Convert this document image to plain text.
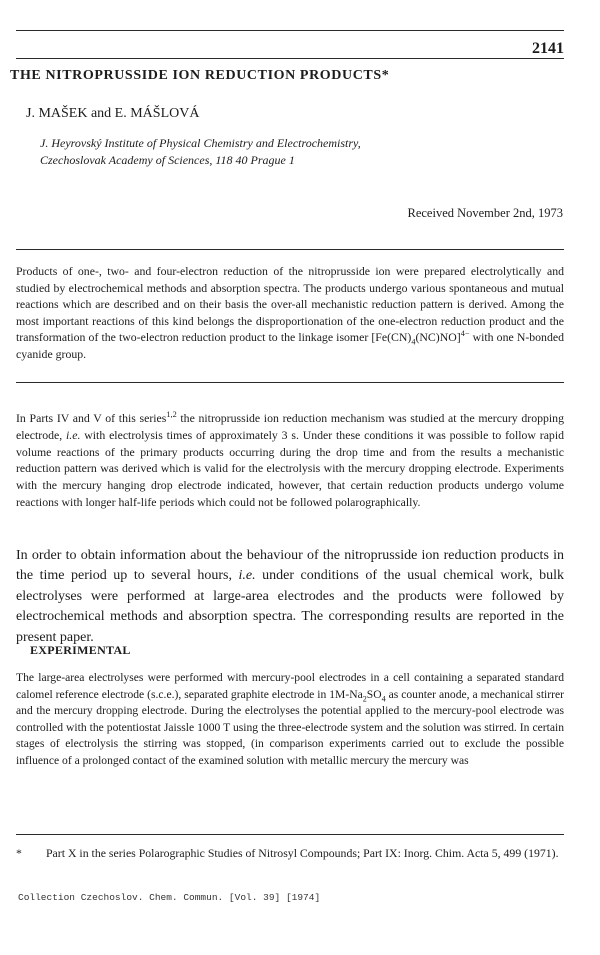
2141
THE NITROPRUSSIDE ION REDUCTION PRODUCTS*
J. MAŠEK and E. MÁŠLOVÁ
J. Heyrovský Institute of Physical Chemistry and Electrochemistry,
Czechoslovak Academy of Sciences, 118 40 Prague 1
Received November 2nd, 1973
Products of one-, two- and four-electron reduction of the nitroprusside ion were prepared electrolytically and studied by electrochemical methods and absorption spectra. The products undergo various spontaneous and mutual reactions which are described and on their basis the over-all mechanistic reduction pattern is derived. Among the most important reactions of this kind belongs the disproportionation of the one-electron reduction product and the transformation of the two-electron reduction product to the linkage isomer $[Fe(CN)_4(NC)NO]^{4-}$ with one N-bonded cyanide group.
In Parts IV and V of this series$^{1,2}$ the nitroprusside ion reduction mechanism was studied at the mercury dropping electrode, i.e. with electrolysis times of approximately 3 s. Under these conditions it was possible to follow rapid volume reactions of the primary products occurring during the drop time and from the results a mechanistic reduction pattern was derived which is valid for the electrolysis with the mercury dropping electrode. Experiments with the mercury hanging drop electrode indicated, however, that certain reduction products undergo volume reactions with longer half-life periods which could not be followed polarographically.
In order to obtain information about the behaviour of the nitroprusside ion reduction products in the time period up to several hours, i.e. under conditions of the usual chemical work, bulk electrolyses were performed at large-area electrodes and the products were followed by electrochemical methods and absorption spectra. The corresponding results are reported in the present paper.
EXPERIMENTAL
The large-area electrolyses were performed with mercury-pool electrodes in a cell containing a separated standard calomel reference electrode (s.c.e.), separated graphite electrode in $1M-Na_2SO_4$ as counter anode, a mechanical stirrer and the mercury dropping electrode. During the electrolyses the potential applied to the mercury-pool electrode was controlled with the potentiostat Jaissle 1000 T using the three-electrode system and the solution was stirred. In certain stages of electrolysis the stirring was stopped, (in comparison experiments carried out to exclude the possible influence of a prolonged contact of the examined solution with metallic mercury the mercury was
* Part X in the series Polarographic Studies of Nitrosyl Compounds; Part IX: Inorg. Chim. Acta 5, 499 (1971).
Collection Czechoslov. Chem. Commun. [Vol. 39] [1974]
